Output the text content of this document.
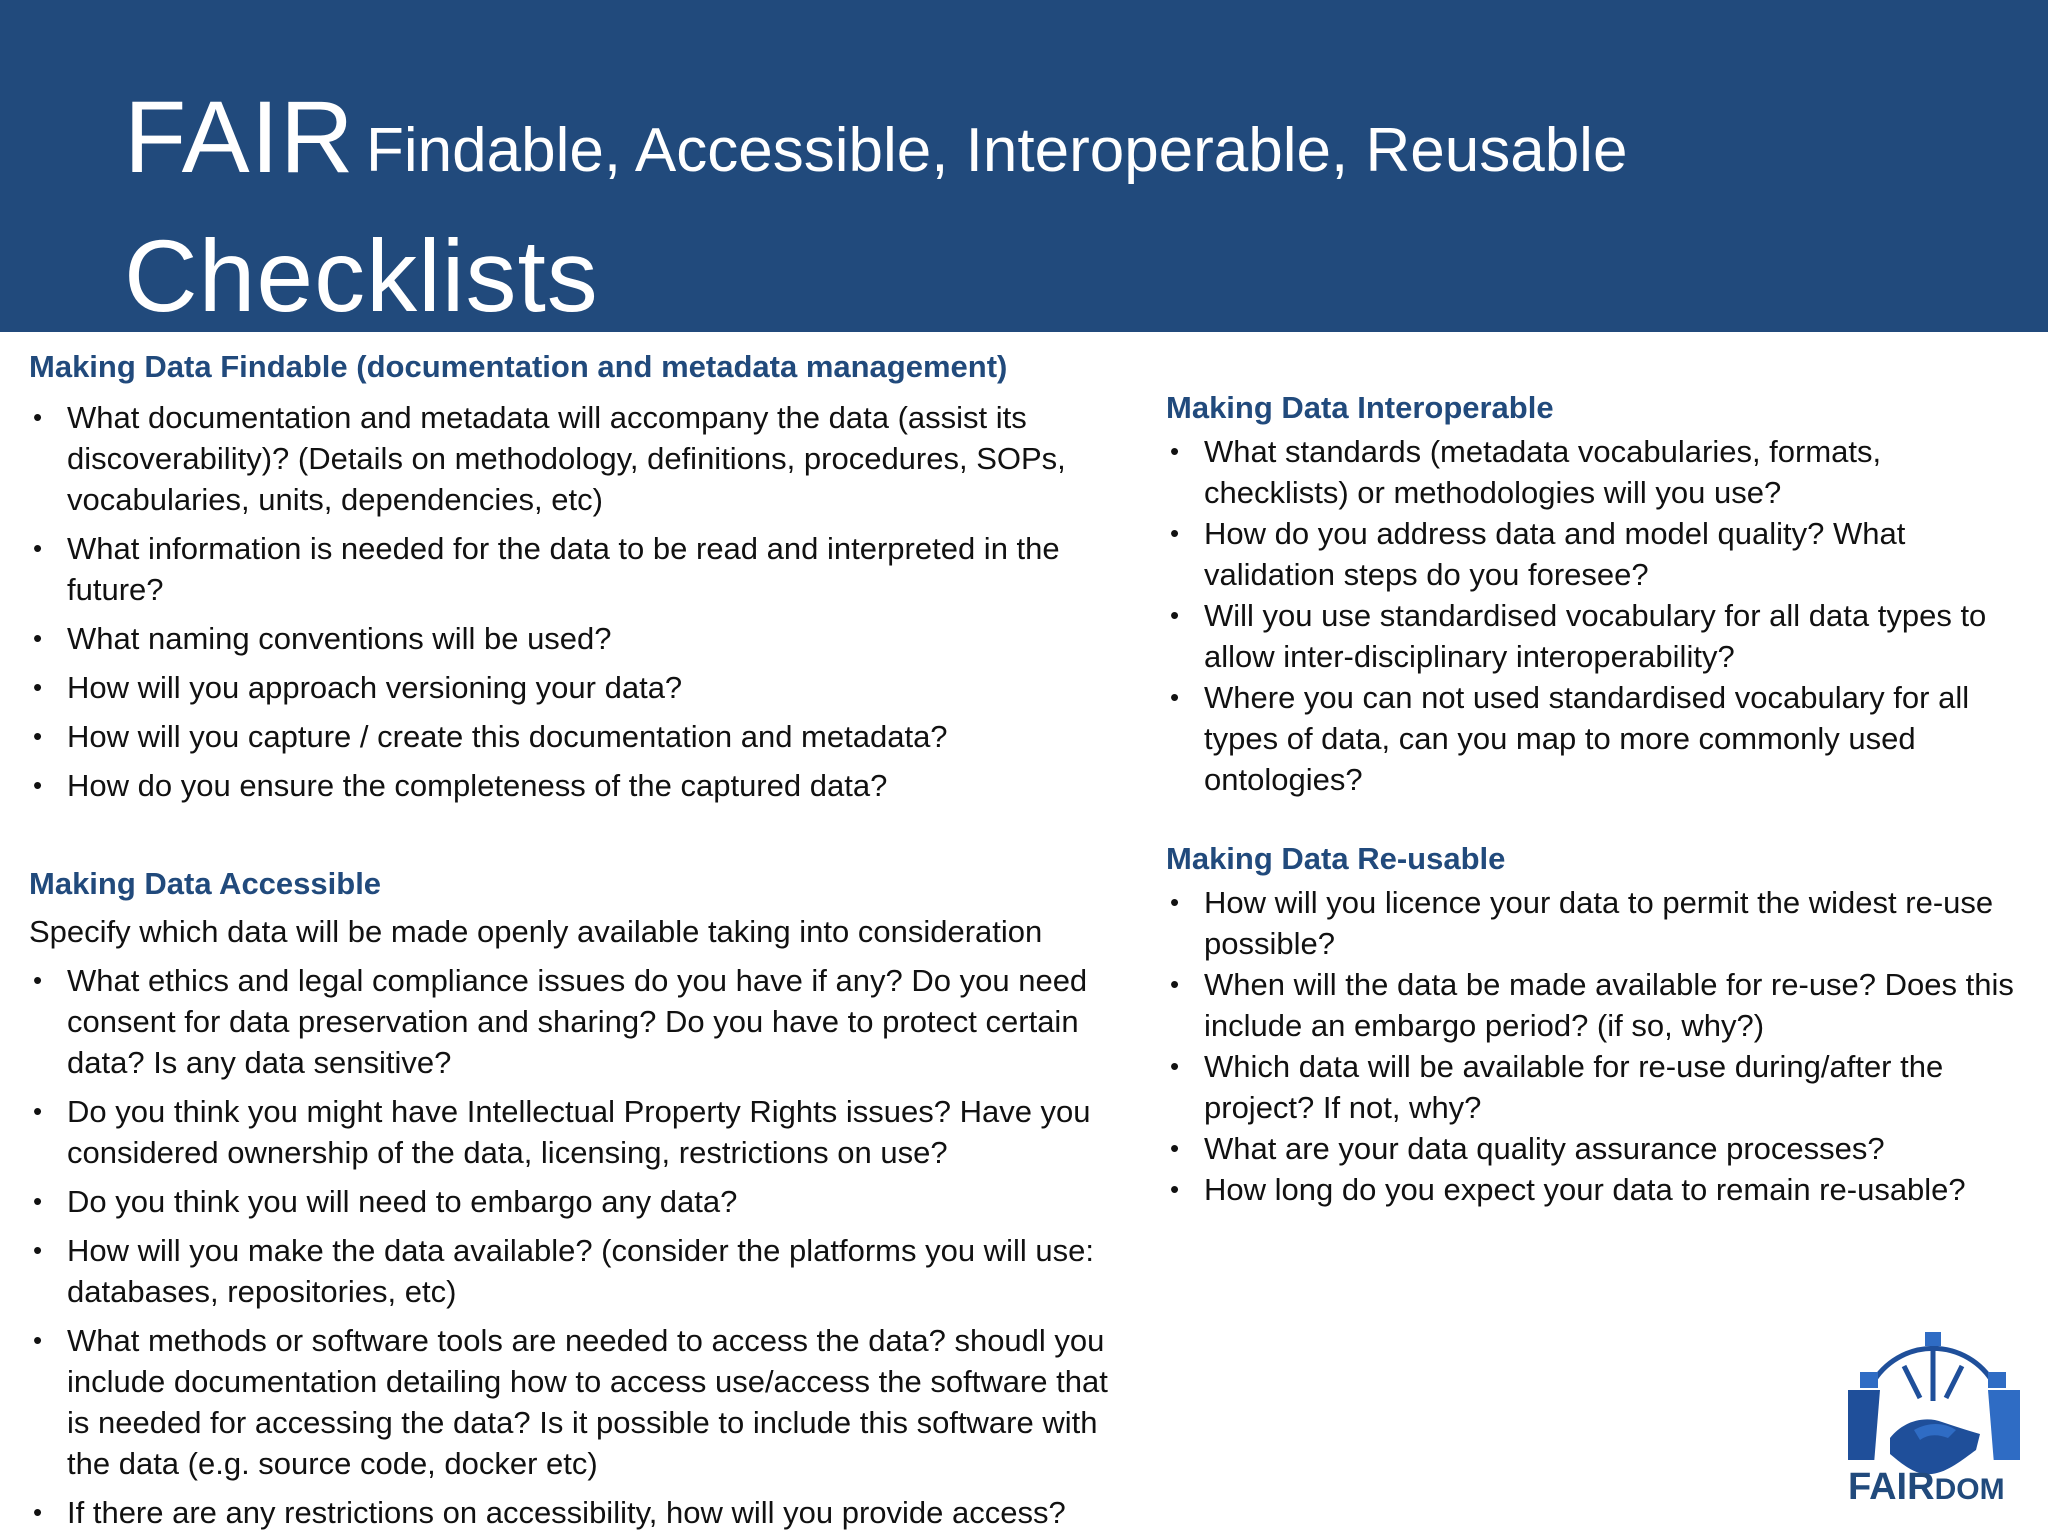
FAIR Findable, Accessible, Interoperable, Reusable
Checklists
Making Data Findable (documentation and metadata management)
• What documentation and metadata will accompany the data (assist its discoverability)? (Details on methodology, definitions, procedures, SOPs, vocabularies, units, dependencies, etc)
• What information is needed for the data to be read and interpreted in the future?
• What naming conventions will be used?
• How will you approach versioning your data?
• How will you capture / create this documentation and metadata?
• How do you ensure the completeness of the captured data?
Making Data Accessible

Specify which data will be made openly available taking into consideration

• What ethics and legal compliance issues do you have if any? Do you need consent for data preservation and sharing? Do you have to protect certain data? Is any data sensitive?
• Do you think you might have Intellectual Property Rights issues? Have you considered ownership of the data, licensing, restrictions on use?
• Do you think you will need to embargo any data?
• How will you make the data available? (consider the platforms you will use: databases, repositories, etc)
• What methods or software tools are needed to access the data? shoudl you include documentation detailing how to access use/access the software that is needed for accessing the data? Is it possible to include this software with the data (e.g. source code, docker etc)
• If there are any restrictions on accessibility, how will you provide access?
Making Data Interoperable
• What standards (metadata vocabularies, formats, checklists) or methodologies will you use?
• How do you address data and model quality? What validation steps do you foresee?
• Will you use standardised vocabulary for all data types to allow inter-disciplinary interoperability?
• Where you can not used standardised vocabulary for all types of data, can you map to more commonly used ontologies?
Making Data Re-usable
• How will you licence your data to permit the widest re-use possible?
• When will the data be made available for re-use? Does this include an embargo period? (if so, why?)
• Which data will be available for re-use during/after the project? If not, why?
• What are your data quality assurance processes?
• How long do you expect your data to remain re-usable?
FAIRDOM
